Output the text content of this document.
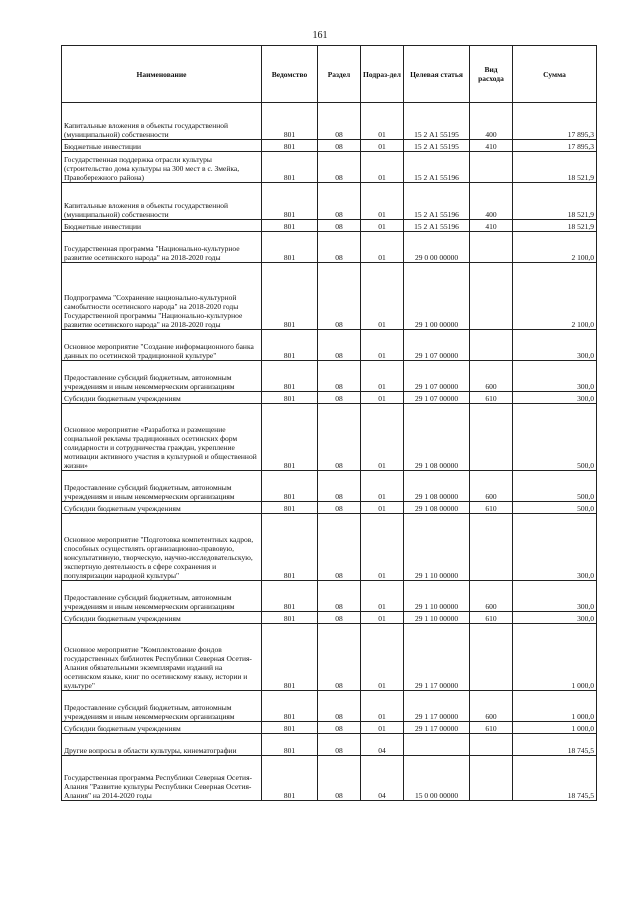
161
Наименование	Ведомство	Раздел	Подраз-дел	Целевая статья	Вид расхода	Сумма
Капитальные вложения в объекты государственной (муниципальной) собственности	801	08	01	15 2 А1 55195	400	17 895,3
Бюджетные инвестиции	801	08	01	15 2 А1 55195	410	17 895,3
Государственная поддержка отрасли культуры (строительство дома культуры на 300 мест в с. Змейка, Правобережного района)	801	08	01	15 2 А1 55196		18 521,9
Капитальные вложения в объекты государственной (муниципальной) собственности	801	08	01	15 2 А1 55196	400	18 521,9
Бюджетные инвестиции	801	08	01	15 2 А1 55196	410	18 521,9
Государственная программа "Национально-культурное развитие осетинского народа" на 2018-2020 годы	801	08	01	29 0 00 00000		2 100,0
Подпрограмма "Сохранение национально-культурной самобытности осетинского народа" на 2018-2020 годы Государственной программы "Национально-культурное развитие осетинского народа" на 2018-2020 годы	801	08	01	29 1 00 00000		2 100,0
Основное мероприятие "Создание информационного банка данных по осетинской традиционной культуре"	801	08	01	29 1 07 00000		300,0
Предоставление субсидий бюджетным, автономным учреждениям и иным некоммерческим организациям	801	08	01	29 1 07 00000	600	300,0
Субсидии бюджетным учреждениям	801	08	01	29 1 07 00000	610	300,0
Основное мероприятие «Разработка и размещение социальной рекламы традиционных осетинских форм солидарности и сотрудничества граждан, укрепление мотивации активного участия в культурной и общественной жизни»	801	08	01	29 1 08 00000		500,0
Предоставление субсидий бюджетным, автономным учреждениям и иным некоммерческим организациям	801	08	01	29 1 08 00000	600	500,0
Субсидии бюджетным учреждениям	801	08	01	29 1 08 00000	610	500,0
Основное мероприятие "Подготовка компетентных кадров, способных осуществлять организационно-правовую, консультативную, творческую, научно-исследовательскую, экспертную деятельность в сфере сохранения и популяризации народной культуры"	801	08	01	29 1 10 00000		300,0
Предоставление субсидий бюджетным, автономным учреждениям и иным некоммерческим организациям	801	08	01	29 1 10 00000	600	300,0
Субсидии бюджетным учреждениям	801	08	01	29 1 10 00000	610	300,0
Основное мероприятие "Комплектование фондов государственных библиотек Республики Северная Осетия-Алания обязательными экземплярами изданий на осетинском языке, книг по осетинскому языку, истории и культуре"	801	08	01	29 1 17 00000		1 000,0
Предоставление субсидий бюджетным, автономным учреждениям и иным некоммерческим организациям	801	08	01	29 1 17 00000	600	1 000,0
Субсидии бюджетным учреждениям	801	08	01	29 1 17 00000	610	1 000,0
Другие вопросы в области культуры, кинематографии	801	08	04			18 745,5
Государственная программа Республики Северная Осетия-Алания "Развитие культуры Республики Северная Осетия-Алания" на 2014-2020 годы	801	08	04	15 0 00 00000		18 745,5
